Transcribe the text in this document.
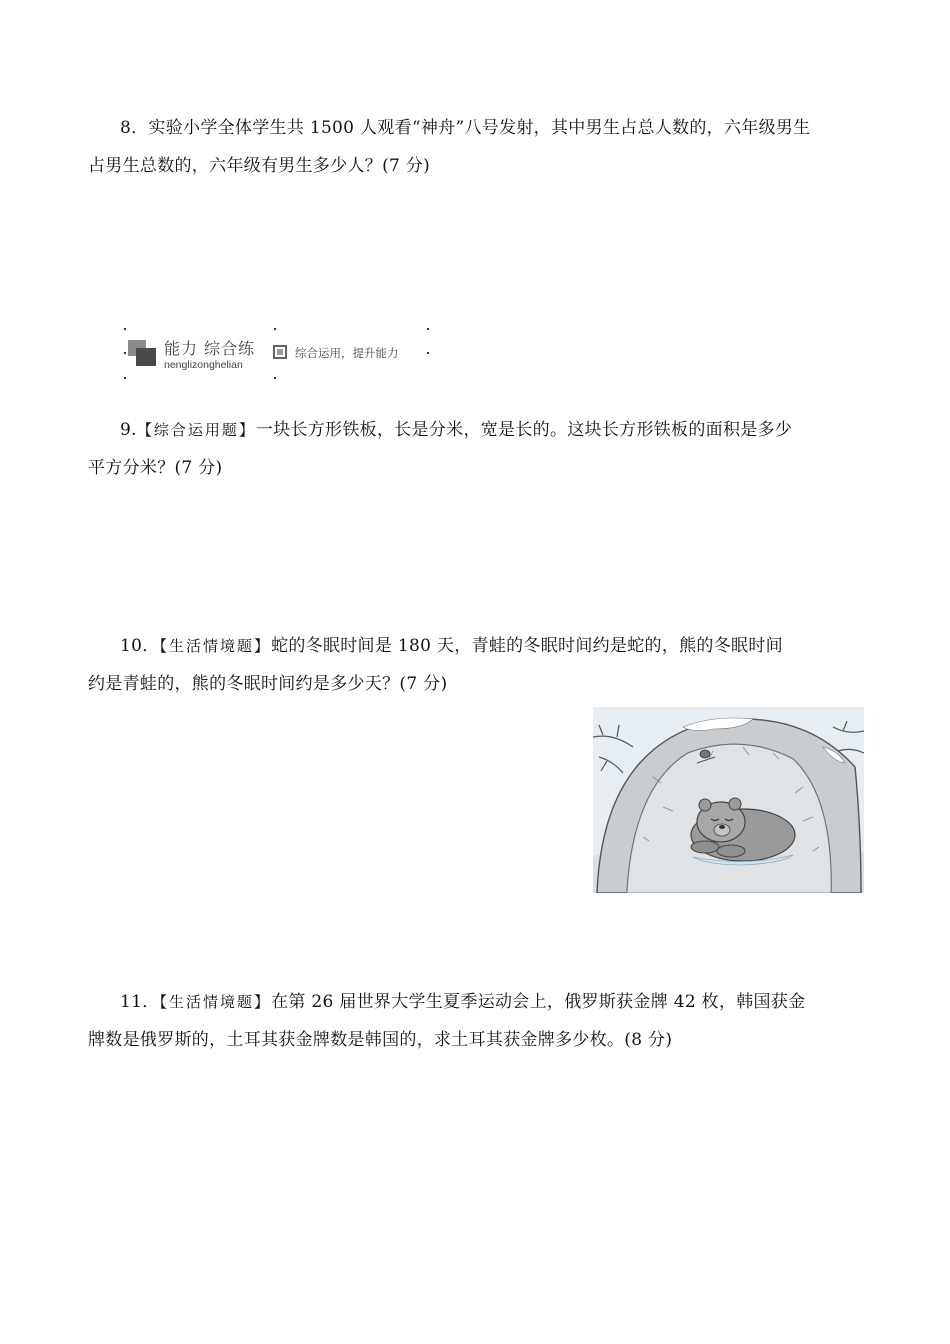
8．实验小学全体学生共 1500 人观看“神舟”八号发射，其中男生占总人数的，六年级男生
占男生总数的，六年级有男生多少人？(7 分)
能力 综合练
nenglizonghelian
综合运用，提升能力
9.【综合运用题】一块长方形铁板，长是分米，宽是长的。这块长方形铁板的面积是多少
平方分米？(7 分)
10．【生活情境题】蛇的冬眠时间是 180 天，青蛙的冬眠时间约是蛇的，熊的冬眠时间
约是青蛙的，熊的冬眠时间约是多少天？(7 分)
11．【生活情境题】在第 26 届世界大学生夏季运动会上，俄罗斯获金牌 42 枚，韩国获金
牌数是俄罗斯的，土耳其获金牌数是韩国的，求土耳其获金牌多少枚。(8 分)
